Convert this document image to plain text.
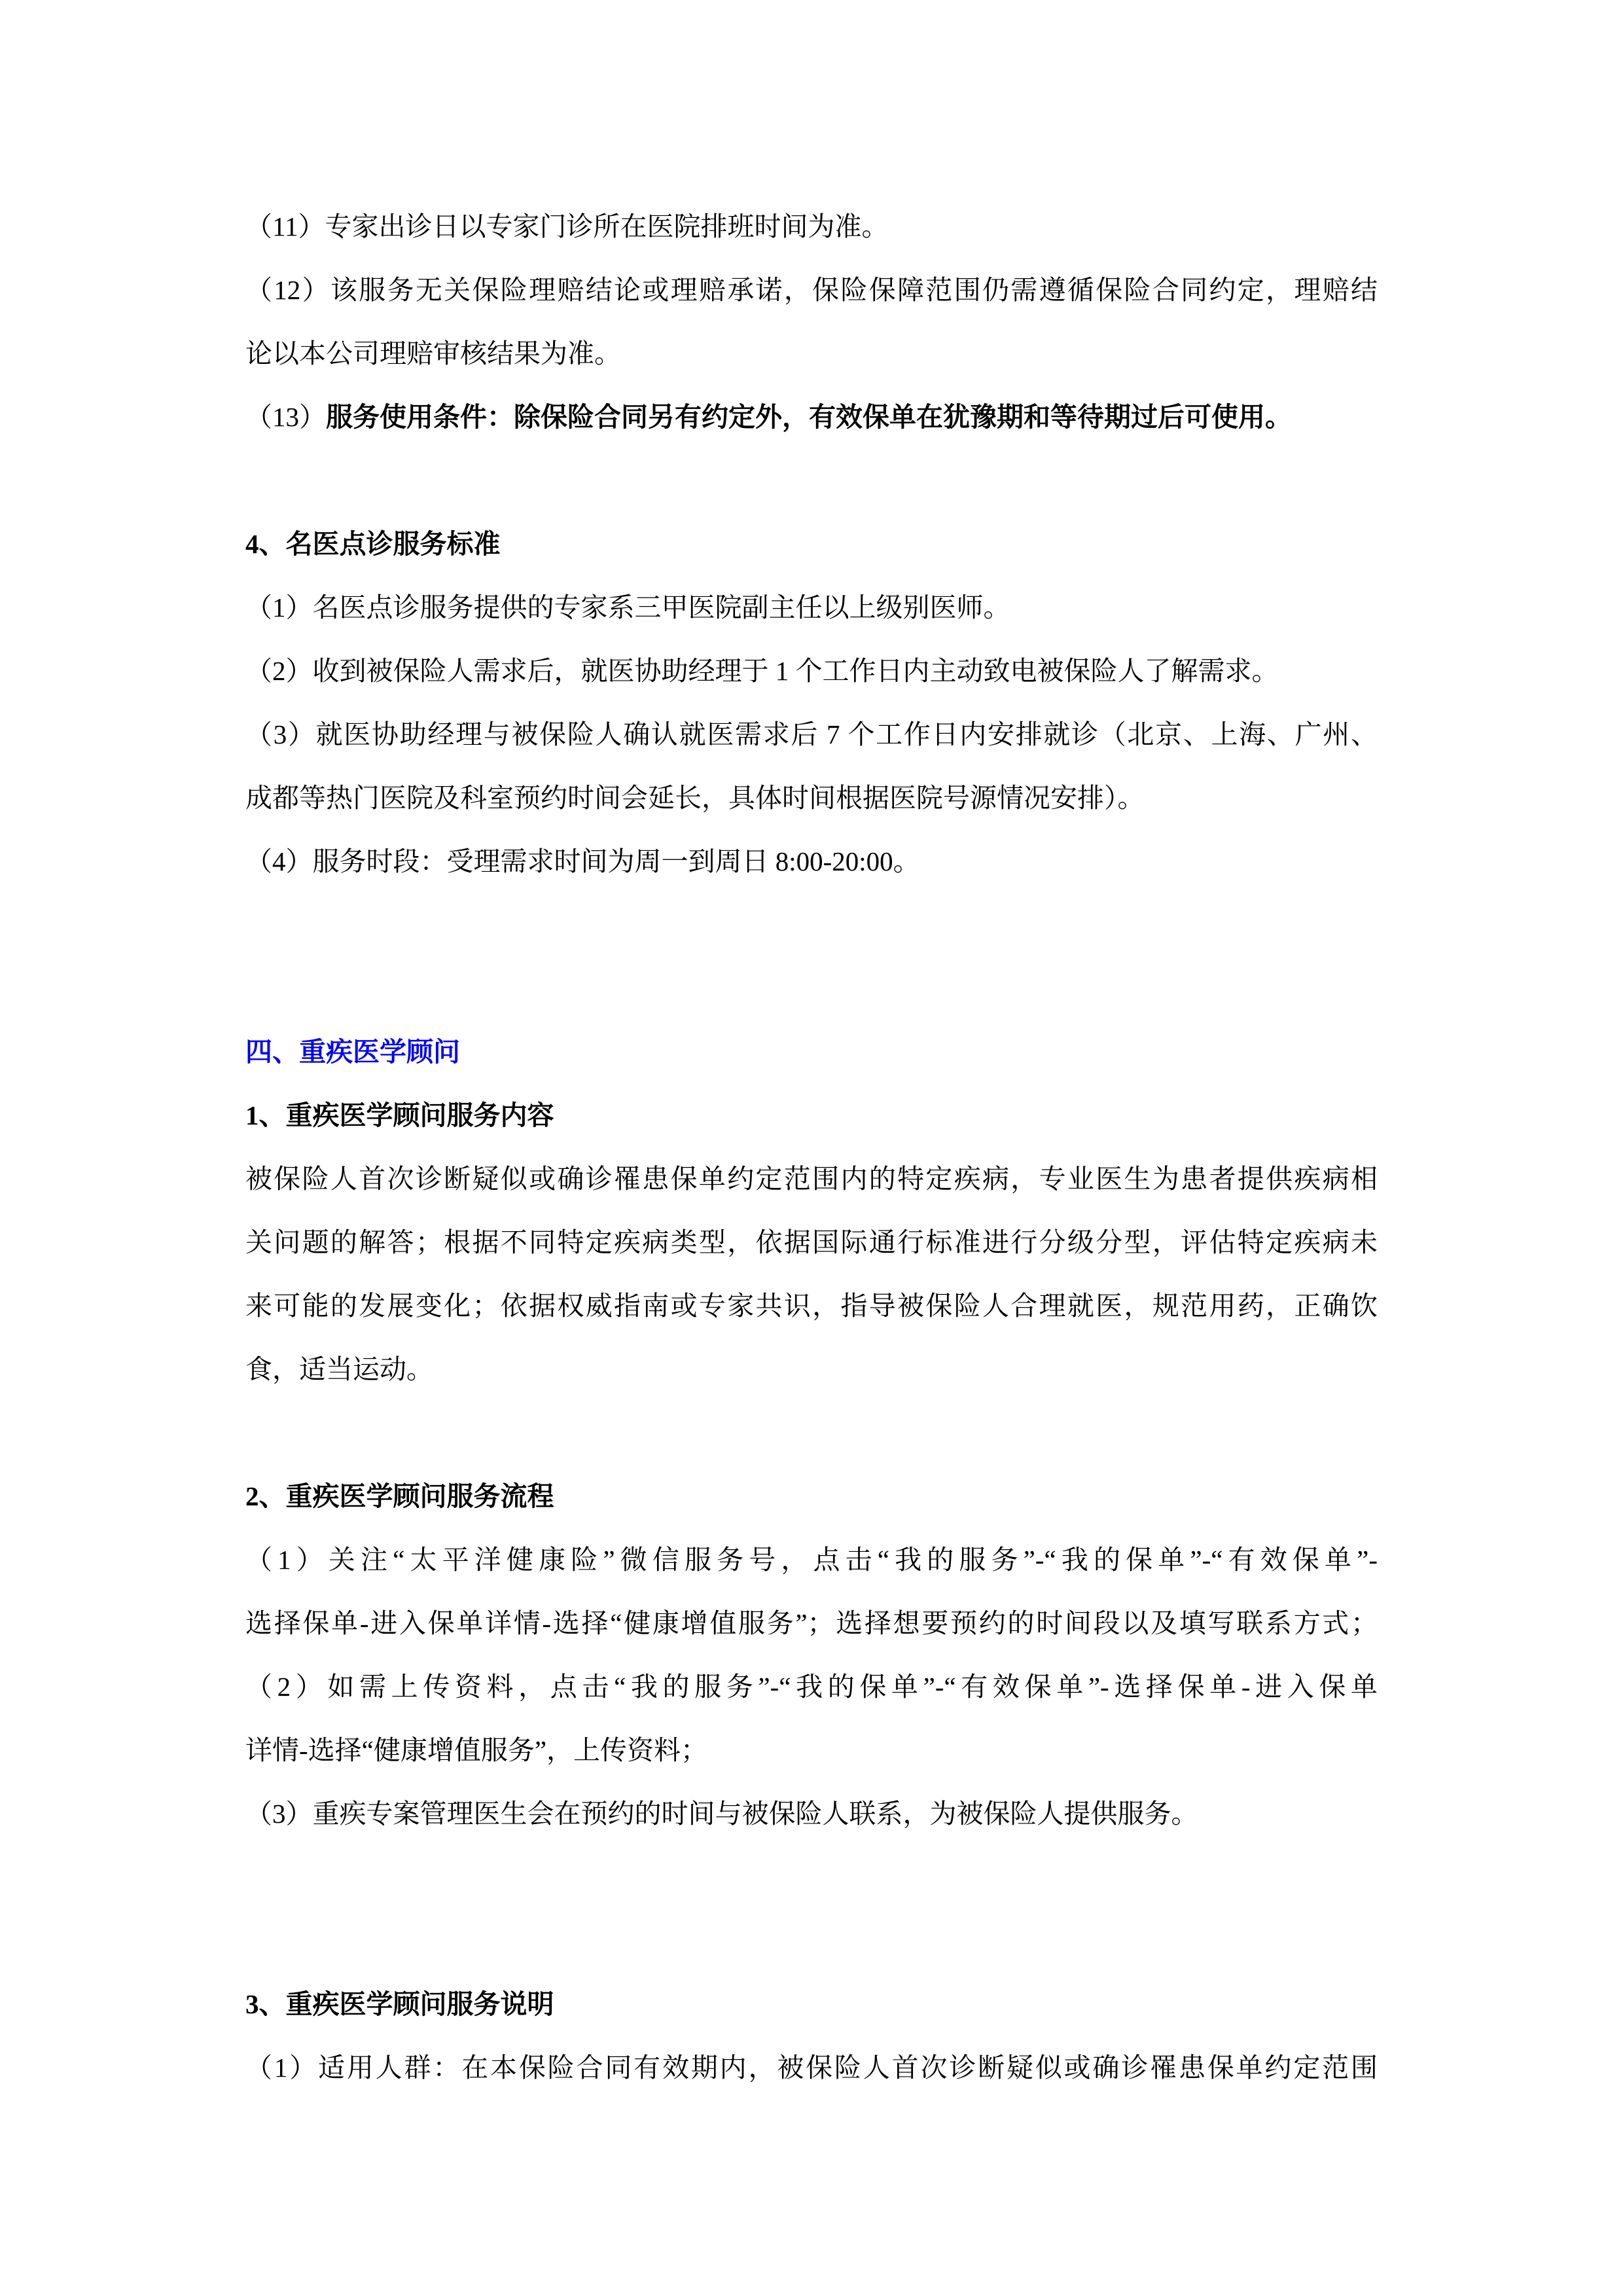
（11）专家出诊日以专家门诊所在医院排班时间为准。
（12）该服务无关保险理赔结论或理赔承诺，保险保障范围仍需遵循保险合同约定，理赔结
论以本公司理赔审核结果为准。
（13）服务使用条件：除保险合同另有约定外，有效保单在犹豫期和等待期过后可使用。
4、名医点诊服务标准
（1）名医点诊服务提供的专家系三甲医院副主任以上级别医师。
（2）收到被保险人需求后，就医协助经理于 1 个工作日内主动致电被保险人了解需求。
（3）就医协助经理与被保险人确认就医需求后 7 个工作日内安排就诊（北京、上海、广州、
成都等热门医院及科室预约时间会延长，具体时间根据医院号源情况安排）。
（4）服务时段：受理需求时间为周一到周日 8:00-20:00。
四、重疾医学顾问
1、重疾医学顾问服务内容
被保险人首次诊断疑似或确诊罹患保单约定范围内的特定疾病，专业医生为患者提供疾病相
关问题的解答；根据不同特定疾病类型，依据国际通行标准进行分级分型，评估特定疾病未
来可能的发展变化；依据权威指南或专家共识，指导被保险人合理就医，规范用药，正确饮
食，适当运动。
2、重疾医学顾问服务流程
（1）关注“太平洋健康险”微信服务号，点击“我的服务”-“我的保单”-“有效保单”-
选择保单-进入保单详情-选择“健康增值服务”；选择想要预约的时间段以及填写联系方式；
（2）如需上传资料，点击“我的服务”-“我的保单”-“有效保单”-选择保单-进入保单
详情-选择“健康增值服务”，上传资料；
（3）重疾专案管理医生会在预约的时间与被保险人联系，为被保险人提供服务。
3、重疾医学顾问服务说明
（1）适用人群：在本保险合同有效期内，被保险人首次诊断疑似或确诊罹患保单约定范围
